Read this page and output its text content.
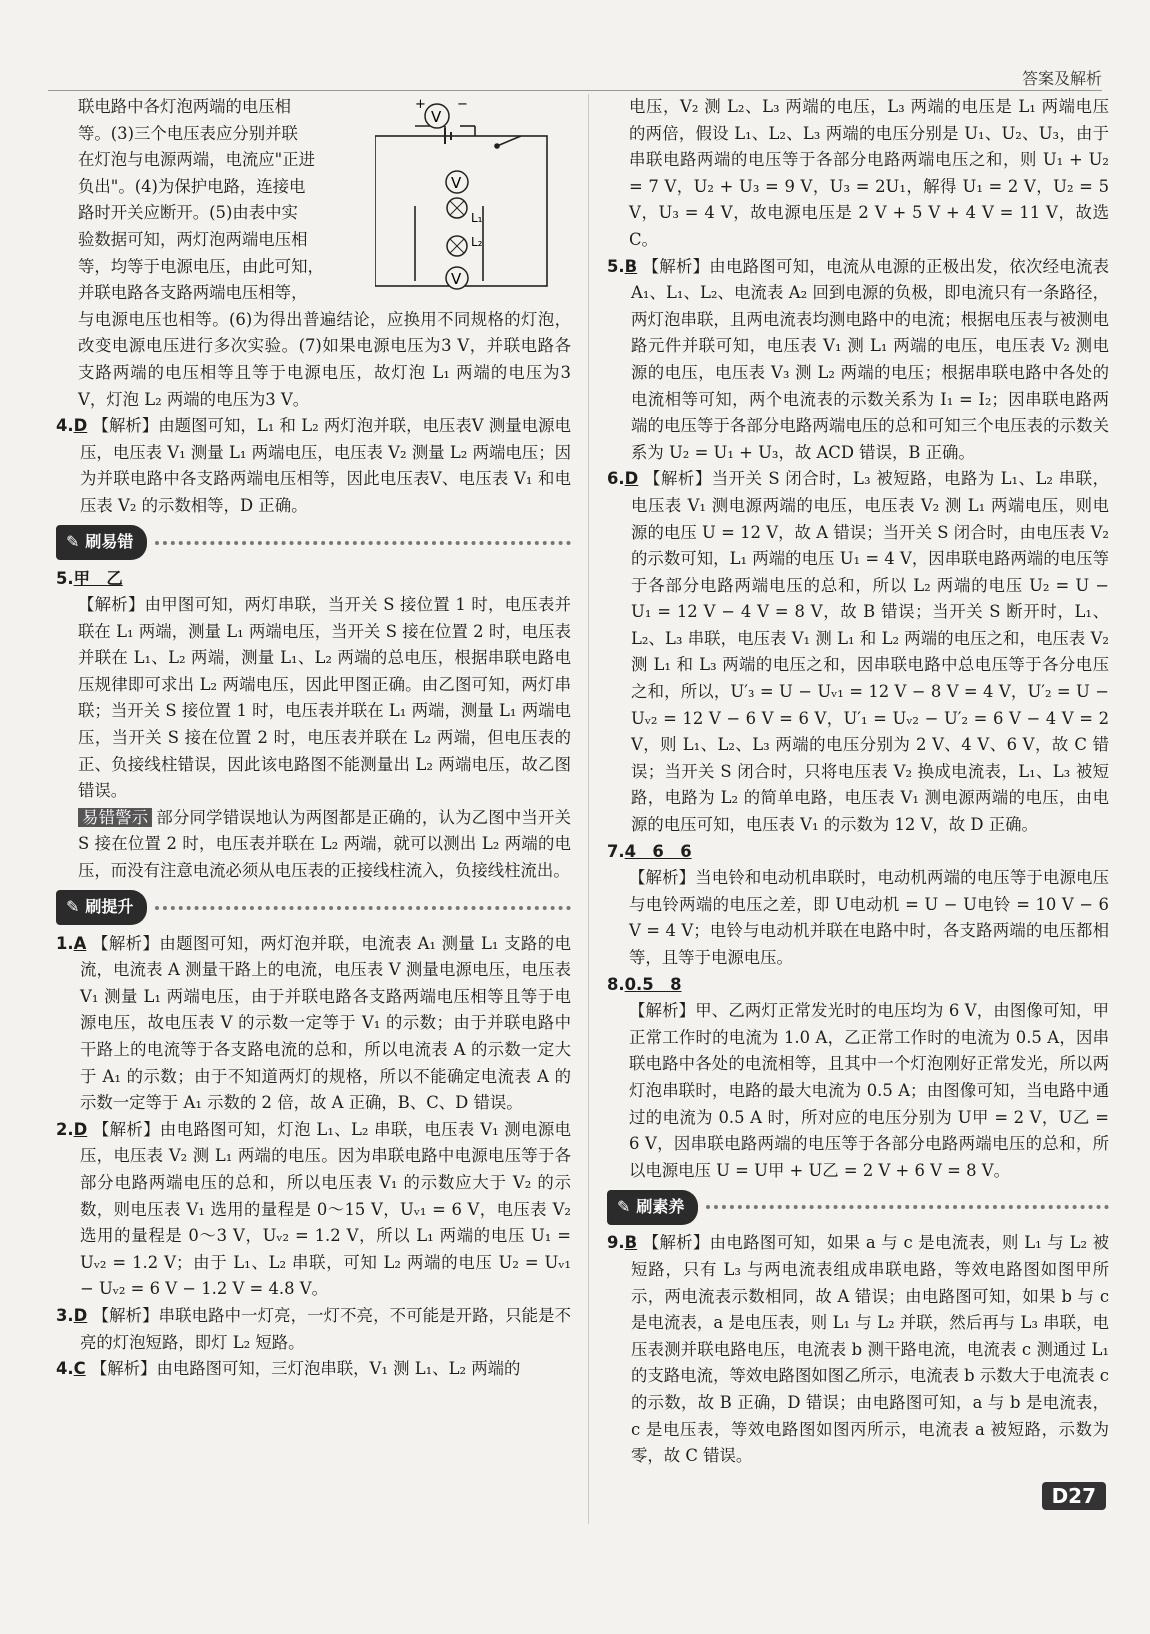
答案及解析
V
+ −
V
L₁
L₂
V

联电路中各灯泡两端的电压相

等。(3)三个电压表应分别并联

在灯泡与电源两端，电流应"正进

负出"。(4)为保护电路，连接电

路时开关应断开。(5)由表中实

验数据可知，两灯泡两端电压相

等，均等于电源电压，由此可知，

并联电路各支路两端电压相等，

与电源电压也相等。(6)为得出普遍结论，应换用不同规格的灯泡，改变电源电压进行多次实验。(7)如果电源电压为3 V，并联电路各支路两端的电压相等且等于电源电压，故灯泡 L₁ 两端的电压为3 V，灯泡 L₂ 两端的电压为3 V。

4.D 【解析】由题图可知，L₁ 和 L₂ 两灯泡并联，电压表V 测量电源电压，电压表 V₁ 测量 L₁ 两端电压，电压表 V₂ 测量 L₂ 两端电压；因为并联电路中各支路两端电压相等，因此电压表V、电压表 V₁ 和电压表 V₂ 的示数相等，D 正确。

✎ 刷易错

5.甲　乙

【解析】由甲图可知，两灯串联，当开关 S 接位置 1 时，电压表并联在 L₁ 两端，测量 L₁ 两端电压，当开关 S 接在位置 2 时，电压表并联在 L₁、L₂ 两端，测量 L₁、L₂ 两端的总电压，根据串联电路电压规律即可求出 L₂ 两端电压，因此甲图正确。由乙图可知，两灯串联；当开关 S 接位置 1 时，电压表并联在 L₁ 两端，测量 L₁ 两端电压，当开关 S 接在位置 2 时，电压表并联在 L₂ 两端，但电压表的正、负接线柱错误，因此该电路图不能测量出 L₂ 两端电压，故乙图错误。

易错警示 部分同学错误地认为两图都是正确的，认为乙图中当开关 S 接在位置 2 时，电压表并联在 L₂ 两端，就可以测出 L₂ 两端的电压，而没有注意电流必须从电压表的正接线柱流入，负接线柱流出。

✎ 刷提升

1.A 【解析】由题图可知，两灯泡并联，电流表 A₁ 测量 L₁ 支路的电流，电流表 A 测量干路上的电流，电压表 V 测量电源电压，电压表 V₁ 测量 L₁ 两端电压，由于并联电路各支路两端电压相等且等于电源电压，故电压表 V 的示数一定等于 V₁ 的示数；由于并联电路中干路上的电流等于各支路电流的总和，所以电流表 A 的示数一定大于 A₁ 的示数；由于不知道两灯的规格，所以不能确定电流表 A 的示数一定等于 A₁ 示数的 2 倍，故 A 正确，B、C、D 错误。

2.D 【解析】由电路图可知，灯泡 L₁、L₂ 串联，电压表 V₁ 测电源电压，电压表 V₂ 测 L₁ 两端的电压。因为串联电路中电源电压等于各部分电路两端电压的总和，所以电压表 V₁ 的示数应大于 V₂ 的示数，则电压表 V₁ 选用的量程是 0～15 V，Uᵥ₁ = 6 V，电压表 V₂ 选用的量程是 0～3 V，Uᵥ₂ = 1.2 V，所以 L₁ 两端的电压 U₁ = Uᵥ₂ = 1.2 V；由于 L₁、L₂ 串联，可知 L₂ 两端的电压 U₂ = Uᵥ₁ − Uᵥ₂ = 6 V − 1.2 V = 4.8 V。

3.D 【解析】串联电路中一灯亮，一灯不亮，不可能是开路，只能是不亮的灯泡短路，即灯 L₂ 短路。

4.C 【解析】由电路图可知，三灯泡串联，V₁ 测 L₁、L₂ 两端的

电压，V₂ 测 L₂、L₃ 两端的电压，L₃ 两端的电压是 L₁ 两端电压的两倍，假设 L₁、L₂、L₃ 两端的电压分别是 U₁、U₂、U₃，由于串联电路两端的电压等于各部分电路两端电压之和，则 U₁ + U₂ = 7 V，U₂ + U₃ = 9 V，U₃ = 2U₁，解得 U₁ = 2 V，U₂ = 5 V，U₃ = 4 V，故电源电压是 2 V + 5 V + 4 V = 11 V，故选 C。

5.B 【解析】由电路图可知，电流从电源的正极出发，依次经电流表 A₁、L₁、L₂、电流表 A₂ 回到电源的负极，即电流只有一条路径，两灯泡串联，且两电流表均测电路中的电流；根据电压表与被测电路元件并联可知，电压表 V₁ 测 L₁ 两端的电压，电压表 V₂ 测电源的电压，电压表 V₃ 测 L₂ 两端的电压；根据串联电路中各处的电流相等可知，两个电流表的示数关系为 I₁ = I₂；因串联电路两端的电压等于各部分电路两端电压的总和可知三个电压表的示数关系为 U₂ = U₁ + U₃，故 ACD 错误，B 正确。

6.D 【解析】当开关 S 闭合时，L₃ 被短路，电路为 L₁、L₂ 串联，电压表 V₁ 测电源两端的电压，电压表 V₂ 测 L₁ 两端电压，则电源的电压 U = 12 V，故 A 错误；当开关 S 闭合时，由电压表 V₂ 的示数可知，L₁ 两端的电压 U₁ = 4 V，因串联电路两端的电压等于各部分电路两端电压的总和，所以 L₂ 两端的电压 U₂ = U − U₁ = 12 V − 4 V = 8 V，故 B 错误；当开关 S 断开时，L₁、L₂、L₃ 串联，电压表 V₁ 测 L₁ 和 L₂ 两端的电压之和，电压表 V₂ 测 L₁ 和 L₃ 两端的电压之和，因串联电路中总电压等于各分电压之和，所以，U′₃ = U − Uᵥ₁ = 12 V − 8 V = 4 V，U′₂ = U − Uᵥ₂ = 12 V − 6 V = 6 V，U′₁ = Uᵥ₂ − U′₂ = 6 V − 4 V = 2 V，则 L₁、L₂、L₃ 两端的电压分别为 2 V、4 V、6 V，故 C 错误；当开关 S 闭合时，只将电压表 V₂ 换成电流表，L₁、L₃ 被短路，电路为 L₂ 的简单电路，电压表 V₁ 测电源两端的电压，由电源的电压可知，电压表 V₁ 的示数为 12 V，故 D 正确。

7.4　6　6

【解析】当电铃和电动机串联时，电动机两端的电压等于电源电压与电铃两端的电压之差，即 U电动机 = U − U电铃 = 10 V − 6 V = 4 V；电铃与电动机并联在电路中时，各支路两端的电压都相等，且等于电源电压。

8.0.5　8

【解析】甲、乙两灯正常发光时的电压均为 6 V，由图像可知，甲正常工作时的电流为 1.0 A，乙正常工作时的电流为 0.5 A，因串联电路中各处的电流相等，且其中一个灯泡刚好正常发光，所以两灯泡串联时，电路的最大电流为 0.5 A；由图像可知，当电路中通过的电流为 0.5 A 时，所对应的电压分别为 U甲 = 2 V，U乙 = 6 V，因串联电路两端的电压等于各部分电路两端电压的总和，所以电源电压 U = U甲 + U乙 = 2 V + 6 V = 8 V。

✎ 刷素养

9.B 【解析】由电路图可知，如果 a 与 c 是电流表，则 L₁ 与 L₂ 被短路，只有 L₃ 与两电流表组成串联电路，等效电路图如图甲所示，两电流表示数相同，故 A 错误；由电路图可知，如果 b 与 c 是电流表，a 是电压表，则 L₁ 与 L₂ 并联，然后再与 L₃ 串联，电压表测并联电路电压，电流表 b 测干路电流，电流表 c 测通过 L₁ 的支路电流，等效电路图如图乙所示，电流表 b 示数大于电流表 c 的示数，故 B 正确，D 错误；由电路图可知，a 与 b 是电流表，c 是电压表，等效电路图如图丙所示，电流表 a 被短路，示数为零，故 C 错误。

D27
